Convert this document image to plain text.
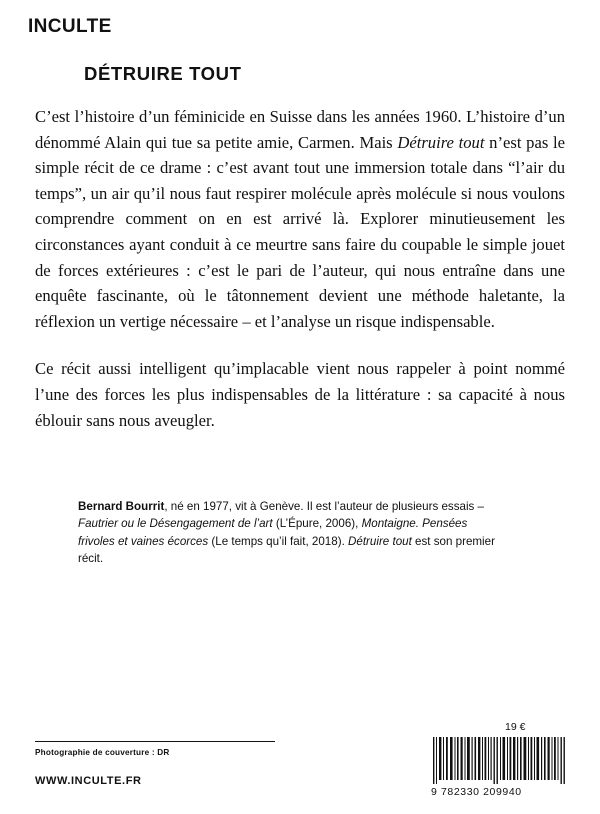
INCULTE
DÉTRUIRE TOUT

C’est l’histoire d’un féminicide en Suisse dans les années 1960. L’histoire d’un dénommé Alain qui tue sa petite amie, Carmen. Mais Détruire tout n’est pas le simple récit de ce drame : c’est avant tout une immersion totale dans “l’air du temps”, un air qu’il nous faut respirer molécule après molécule si nous voulons comprendre comment on en est arrivé là. Explorer minutieusement les circonstances ayant conduit à ce meurtre sans faire du coupable le simple jouet de forces extérieures : c’est le pari de l’auteur, qui nous entraîne dans une enquête fascinante, où le tâtonnement devient une méthode haletante, la réflexion un vertige nécessaire – et l’analyse un risque indispensable.

Ce récit aussi intelligent qu’implacable vient nous rappeler à point nommé l’une des forces les plus indispensables de la littérature : sa capacité à nous éblouir sans nous aveugler.

Bernard Bourrit, né en 1977, vit à Genève. Il est l’auteur de plusieurs essais – Fautrier ou le Désengagement de l’art (L’Épure, 2006), Montaigne. Pensées frivoles et vaines écorces (Le temps qu’il fait, 2018). Détruire tout est son premier récit.

Photographie de couverture : DR
WWW.INCULTE.FR
19 €
9 782330 209940
